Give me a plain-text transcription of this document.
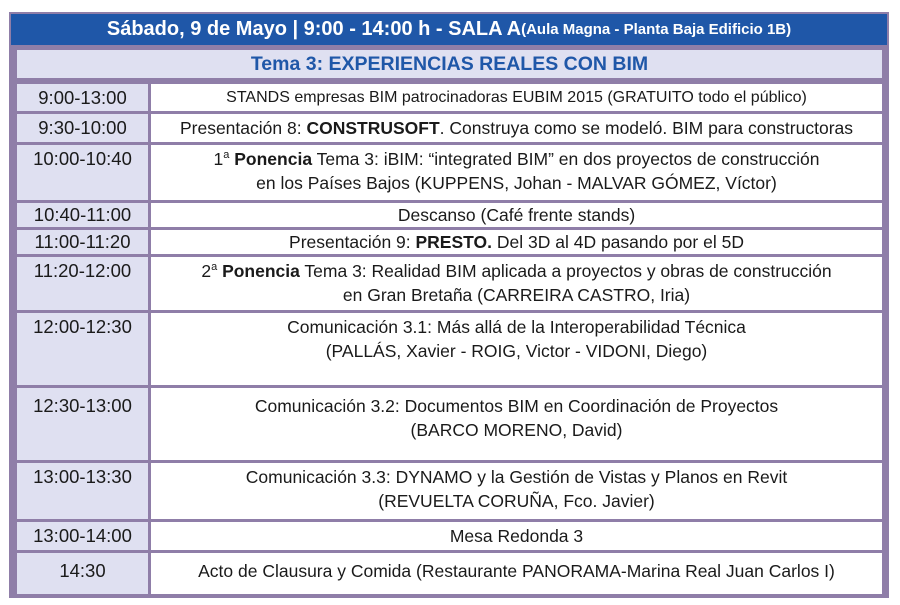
Sábado, 9 de Mayo | 9:00 - 14:00 h - SALA A (Aula Magna - Planta Baja Edificio 1B)
Tema 3: EXPERIENCIAS REALES CON BIM
9:00-13:00	STANDS empresas BIM patrocinadoras EUBIM 2015 (GRATUITO todo el público)
9:30-10:00	Presentación 8: CONSTRUSOFT. Construya como se modeló. BIM para constructoras
10:00-10:40	1$^a$ Ponencia Tema 3: iBIM: “integrated BIM” en dos proyectos de construcción
en los Países Bajos (KUPPENS, Johan - MALVAR GÓMEZ, Víctor)
10:40-11:00	Descanso (Café frente stands)
11:00-11:20	Presentación 9: PRESTO. Del 3D al 4D pasando por el 5D
11:20-12:00	2$^a$ Ponencia Tema 3: Realidad BIM aplicada a proyectos y obras de construcción
en Gran Bretaña (CARREIRA CASTRO, Iria)
12:00-12:30	Comunicación 3.1: Más allá de la Interoperabilidad Técnica
(PALLÁS, Xavier - ROIG, Victor - VIDONI, Diego)
12:30-13:00	Comunicación 3.2: Documentos BIM en Coordinación de Proyectos
(BARCO MORENO, David)
13:00-13:30	Comunicación 3.3: DYNAMO y la Gestión de Vistas y Planos en Revit
(REVUELTA CORUÑA, Fco. Javier)
13:00-14:00	Mesa Redonda 3
14:30	Acto de Clausura y Comida (Restaurante PANORAMA-Marina Real Juan Carlos I)
